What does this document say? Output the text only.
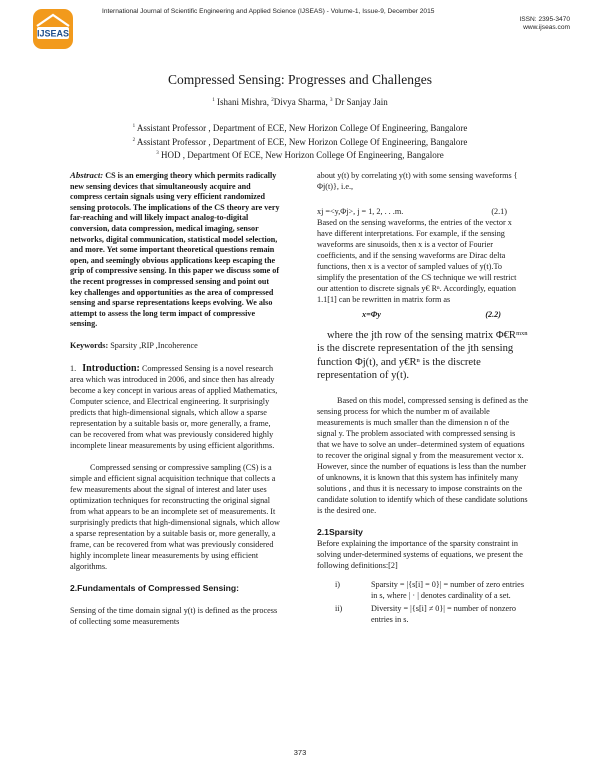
IJSEAS
International Journal of Scientific Engineering and Applied Science (IJSEAS) - Volume-1, Issue-9, December 2015
ISSN: 2395-3470
www.ijseas.com
Compressed Sensing: Progresses and Challenges
$^1$ Ishani Mishra, $^2$Divya Sharma, $^3$ Dr Sanjay Jain
$^1$ Assistant Professor , Department of ECE, New Horizon College Of Engineering, Bangalore
$^2$ Assistant Professor , Department of ECE, New Horizon College Of Engineering, Bangalore
$^3$ HOD , Department Of ECE, New Horizon College Of Engineering, Bangalore
Abstract: CS is an emerging theory which permits radically new sensing devices that simultaneously acquire and compress certain signals using very efficient randomized sensing protocols. The implications of the CS theory are very far-reaching and will likely impact analog-to-digital conversion, data compression, medical imaging, sensor networks, digital communication, statistical model selection, and more. Yet some important theoretical questions remain open, and seemingly obvious applications keep escaping the grip of compressive sensing. In this paper we discuss some of the recent progresses in compressed sensing and point out key challenges and opportunities as the area of compressed sensing and sparse representations keeps evolving. We also attempt to assess the long term impact of compressive sensing.
Keywords: Sparsity ,RIP ,Incoherence
1. Introduction: Compressed Sensing is a novel research area which was introduced in 2006, and since then has already become a key concept in various areas of applied Mathematics, Computer science, and Electrical engineering. It surprisingly predicts that high-dimensional signals, which allow a sparse representation by a suitable basis or, more generally, a frame, can be recovered from what was previously considered highly incomplete linear measurements by using efficient algorithms.
Compressed sensing or compressive sampling (CS) is a simple and efficient signal acquisition technique that collects a few measurements about the signal of interest and later uses optimization techniques for reconstructing the original signal from what appears to be an incomplete set of measurements. It surprisingly predicts that high-dimensional signals, which allow a sparse representation by a suitable basis or, more generally, a frame, can be recovered from what was previously considered highly incomplete linear measurements by using efficient algorithms.
2.Fundamentals of Compressed Sensing:
Sensing of the time domain signal y(t) is defined as the process of collecting some measurements
about y(t) by correlating y(t) with some sensing waveforms { Φj(t)}, i.e.,
xj =<y,Φj>, j = 1, 2, . . .m.	(2.1)
Based on the sensing waveforms, the entries of the vector x have different interpretations. For example, if the sensing waveforms are sinusoids, then x is a vector of Fourier coefficients, and if the sensing waveforms are Dirac delta functions, then x is a vector of sampled values of y(t).To simplify the presentation of the CS technique we will restrict our attention to discrete signals y€ Rⁿ. Accordingly, equation 1.1[1] can be rewritten in matrix form as
x=Φy	(2.2)
where the jth row of the sensing matrix Φ€Rᵐˣⁿ is the discrete representation of the jth sensing function Φj(t), and y€Rⁿ is the discrete representation of y(t).
Based on this model, compressed sensing is defined as the sensing process for which the number m of available measurements is much smaller than the dimension n of the signal y. The problem associated with compressed sensing is that we have to solve an under–determined system of equations to recover the original signal y from the measurement vector x. However, since the number of equations is less than the number of unknowns, it is known that this system has infinitely many solutions , and thus it is necessary to impose constraints on the candidate solution to identify which of these candidate solutions is the desired one.
2.1Sparsity
Before explaining the importance of the sparsity constraint in solving under-determined systems of equations, we present the following definitions:[2]
i)	Sparsity = |{s[i] = 0}| = number of zero entries in s, where | · | denotes cardinality of a set.
ii)	Diversity = |{s[i] ≠ 0}| = number of nonzero entries in s.
373
